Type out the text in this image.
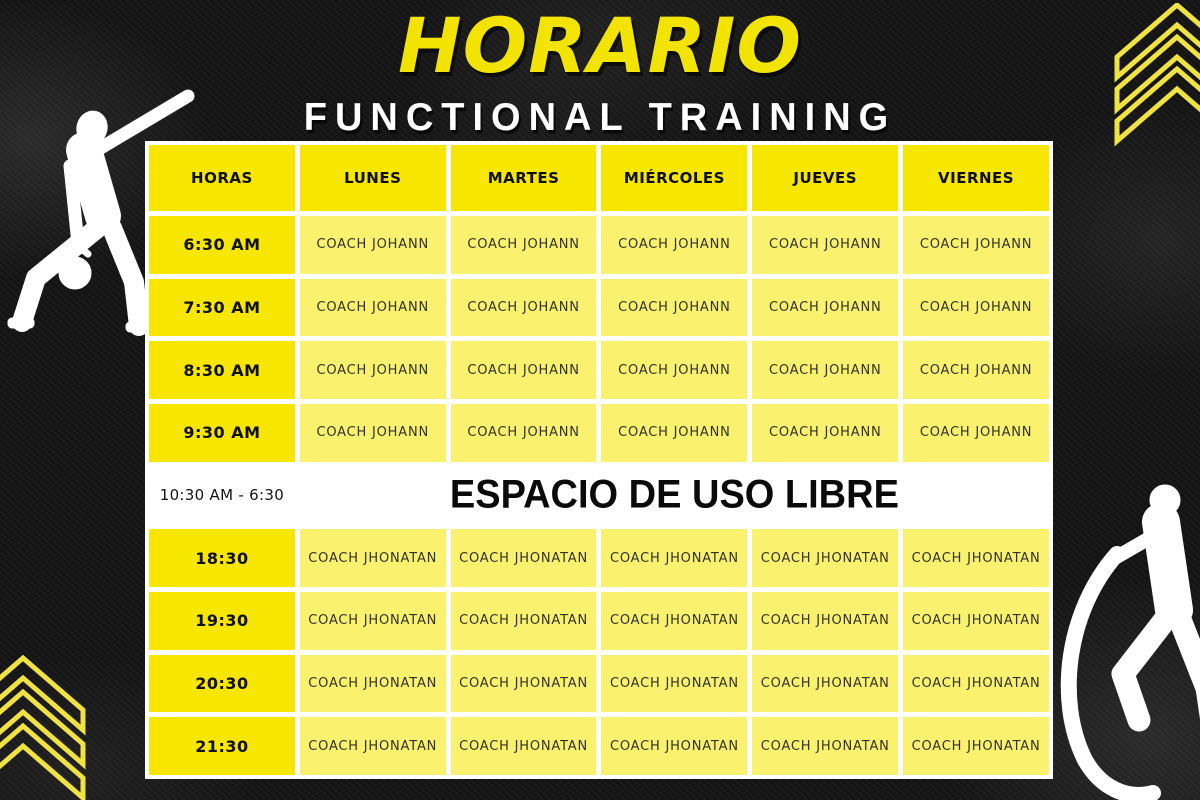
HORARIO
FUNCTIONAL TRAINING
HORAS	LUNES	MARTES	MIÉRCOLES	JUEVES	VIERNES
6:30 AM	COACH JOHANN	COACH JOHANN	COACH JOHANN	COACH JOHANN	COACH JOHANN
7:30 AM	COACH JOHANN	COACH JOHANN	COACH JOHANN	COACH JOHANN	COACH JOHANN
8:30 AM	COACH JOHANN	COACH JOHANN	COACH JOHANN	COACH JOHANN	COACH JOHANN
9:30 AM	COACH JOHANN	COACH JOHANN	COACH JOHANN	COACH JOHANN	COACH JOHANN
10:30 AM - 6:30	ESPACIO DE USO LIBRE
18:30	COACH JHONATAN	COACH JHONATAN	COACH JHONATAN	COACH JHONATAN	COACH JHONATAN
19:30	COACH JHONATAN	COACH JHONATAN	COACH JHONATAN	COACH JHONATAN	COACH JHONATAN
20:30	COACH JHONATAN	COACH JHONATAN	COACH JHONATAN	COACH JHONATAN	COACH JHONATAN
21:30	COACH JHONATAN	COACH JHONATAN	COACH JHONATAN	COACH JHONATAN	COACH JHONATAN
